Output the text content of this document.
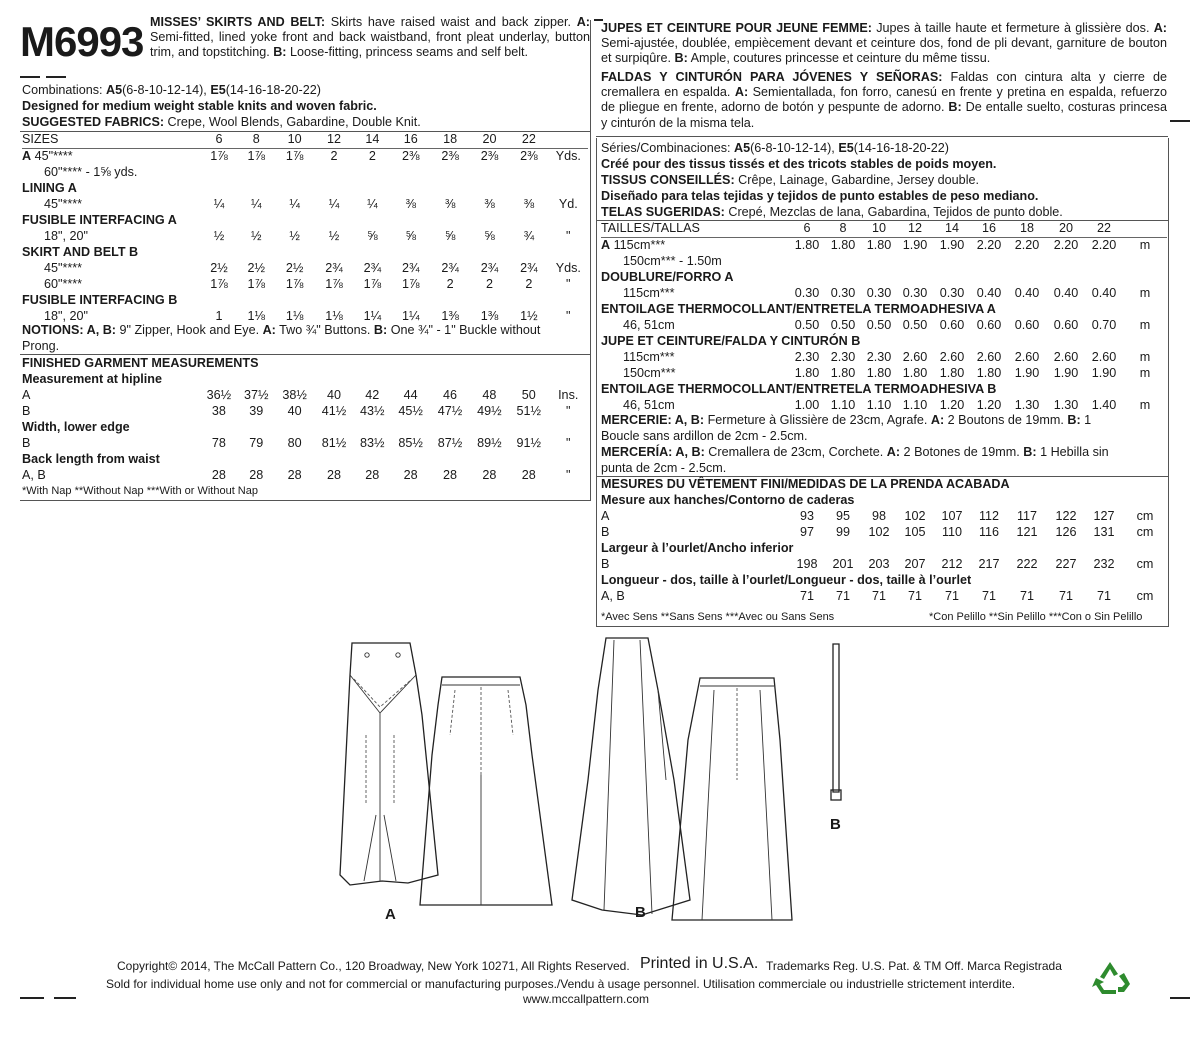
M6993 MISSES’ SKIRTS AND BELT: Skirts have raised waist and back zipper. A: Semi-fitted, lined yoke front and back waistband, front pleat underlay, button trim, and topstitching. B: Loose-fitting, princess seams and self belt.
Combinations: A5(6-8-10-12-14), E5(14-16-18-20-22)
Designed for medium weight stable knits and woven fabric.
SUGGESTED FABRICS: Crepe, Wool Blends, Gabardine, Double Knit.
SIZES	6	8	10	12	14	16	18	20	22	
A 45"****	1⅞	1⅞	1⅞	2	2	2⅜	2⅜	2⅜	2⅜	Yds.
60"**** - 1⅝ yds.										
LINING A										
45"****	¼	¼	¼	¼	¼	⅜	⅜	⅜	⅜	Yd.
FUSIBLE INTERFACING A										
18", 20"	½	½	½	½	⅝	⅝	⅝	⅝	¾	"
SKIRT AND BELT B										
45"****	2½	2½	2½	2¾	2¾	2¾	2¾	2¾	2¾	Yds.
60"****	1⅞	1⅞	1⅞	1⅞	1⅞	1⅞	2	2	2	"
FUSIBLE INTERFACING B										
18", 20"	1	1⅛	1⅛	1⅛	1¼	1¼	1⅜	1⅜	1½	"
NOTIONS: A, B: 9" Zipper, Hook and Eye. A: Two ¾" Buttons. B: One ¾" - 1" Buckle without
Prong.
FINISHED GARMENT MEASUREMENTS
Measurement at hipline										
A	36½	37½	38½	40	42	44	46	48	50	Ins.
B	38	39	40	41½	43½	45½	47½	49½	51½	"
Width, lower edge										
B	78	79	80	81½	83½	85½	87½	89½	91½	"
Back length from waist										
A, B	28	28	28	28	28	28	28	28	28	"
*With Nap **Without Nap ***With or Without Nap
JUPES ET CEINTURE POUR JEUNE FEMME: Jupes à taille haute et fermeture à glissière dos. A: Semi-ajustée, doublée, empiècement devant et ceinture dos, fond de pli devant, garniture de bouton et surpiqûre. B: Ample, coutures princesse et ceinture du même tissu.
FALDAS Y CINTURÓN PARA JÓVENES Y SEÑORAS: Faldas con cintura alta y cierre de cremallera en espalda. A: Semientallada, fon forro, canesú en frente y pretina en espalda, refuerzo de pliegue en frente, adorno de botón y pespunte de adorno. B: De entalle suelto, costuras princesa y cinturón de la misma tela.
Séries/Combinaciones: A5(6-8-10-12-14), E5(14-16-18-20-22)
Créé pour des tissus tissés et des tricots stables de poids moyen.
TISSUS CONSEILLÉS: Crêpe, Lainage, Gabardine, Jersey double.
Diseñado para telas tejidas y tejidos de punto estables de peso mediano.
TELAS SUGERIDAS: Crepé, Mezclas de lana, Gabardina, Tejidos de punto doble.
TAILLES/TALLAS	6	8	10	12	14	16	18	20	22	
A 115cm***	1.80	1.80	1.80	1.90	1.90	2.20	2.20	2.20	2.20	m
150cm*** - 1.50m										
DOUBLURE/FORRO A										
115cm***	0.30	0.30	0.30	0.30	0.30	0.40	0.40	0.40	0.40	m
ENTOILAGE THERMOCOLLANT/ENTRETELA TERMOADHESIVA A										
46, 51cm	0.50	0.50	0.50	0.50	0.60	0.60	0.60	0.60	0.70	m
JUPE ET CEINTURE/FALDA Y CINTURÓN B										
115cm***	2.30	2.30	2.30	2.60	2.60	2.60	2.60	2.60	2.60	m
150cm***	1.80	1.80	1.80	1.80	1.80	1.80	1.90	1.90	1.90	m
ENTOILAGE THERMOCOLLANT/ENTRETELA TERMOADHESIVA B										
46, 51cm	1.00	1.10	1.10	1.10	1.20	1.20	1.30	1.30	1.40	m
MERCERIE: A, B: Fermeture à Glissière de 23cm, Agrafe. A: 2 Boutons de 19mm. B: 1
Boucle sans ardillon de 2cm - 2.5cm.
MERCERÍA: A, B: Cremallera de 23cm, Corchete. A: 2 Botones de 19mm. B: 1 Hebilla sin
punta de 2cm - 2.5cm.
MESURES DU VÊTEMENT FINI/MEDIDAS DE LA PRENDA ACABADA
Mesure aux hanches/Contorno de caderas										
A	93	95	98	102	107	112	117	122	127	cm
B	97	99	102	105	110	116	121	126	131	cm
Largeur à l’ourlet/Ancho inferior										
B	198	201	203	207	212	217	222	227	232	cm
Longueur - dos, taille à l’ourlet/Longueur - dos, taille à l’ourlet										
A, B	71	71	71	71	71	71	71	71	71	cm
*Avec Sens **Sans Sens ***Avec ou Sans Sens	*Con Pelillo **Sin Pelillo ***Con o Sin Pelillo
A	B
B
Copyright© 2014, The McCall Pattern Co., 120 Broadway, New York 10271, All Rights Reserved. Printed in U.S.A. Trademarks Reg. U.S. Pat. & TM Off. Marca Registrada
Sold for individual home use only and not for commercial or manufacturing purposes./Vendu à usage personnel. Utilisation commerciale ou industrielle strictement interdite.
www.mccallpattern.com
